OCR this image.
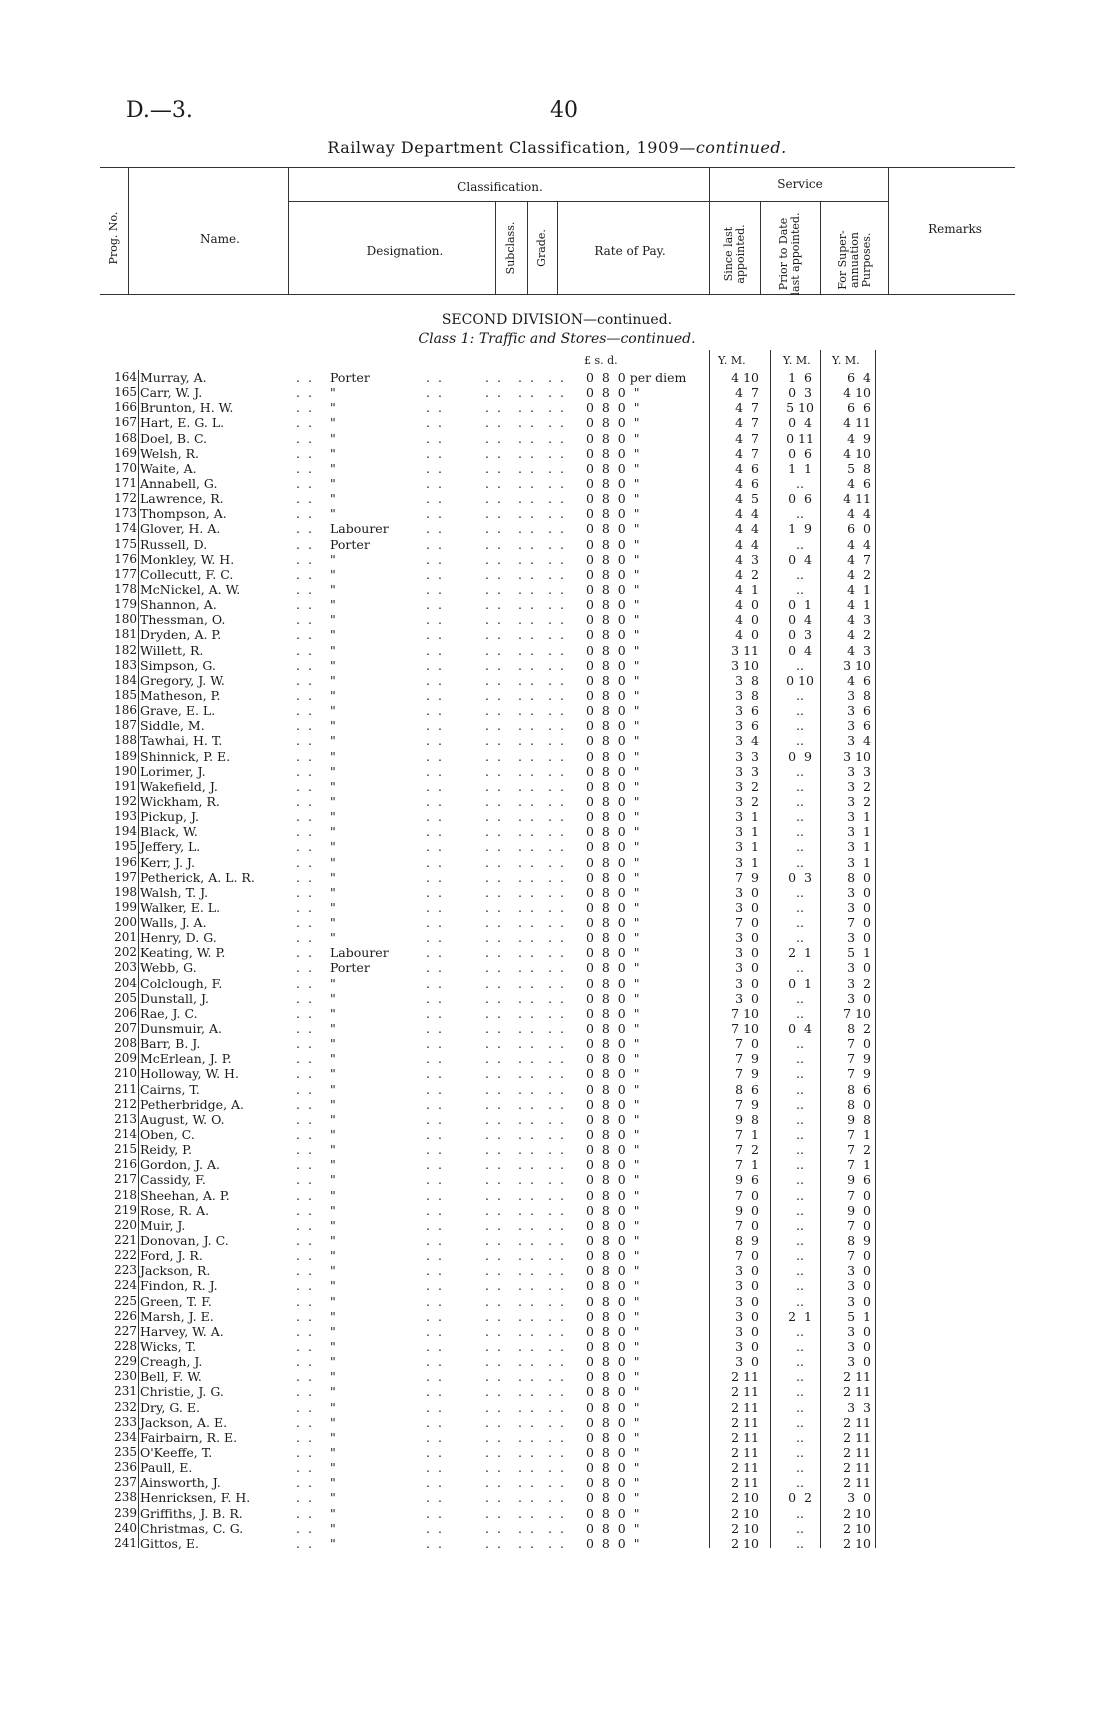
D.—3.	40
Railway Department Classification, 1909—continued.
Prog. No.	Name.
Classification.
Designation.	Subclass. Grade.	Rate of Pay.
Service
Since last appointed.	Prior to Date last appointed.	For Super-annuation Purposes.
Remarks
SECOND DIVISION—continued.
Class 1: Traffic and Stores—continued.
£ s. d.	Y. M.	Y. M. Y. M.
164 Murray, A.	Porter	0  8  0 per diem	4 10	1  6	6  4
. .	. .	. . . . . .
165 Carr, W. J.	"	0  8  0  "	4  7	0  3	4 10
. .	. .	. . . . . .
166 Brunton, H. W.	"	0  8  0  "	4  7	5 10	6  6
. .	. .	. . . . . .
167 Hart, E. G. L.	"	0  8  0  "	4  7	0  4	4 11
. .	. .	. . . . . .
168 Doel, B. C.	"	0  8  0  "	4  7	0 11	4  9
. .	. .	. . . . . .
169 Welsh, R.	"	0  8  0  "	4  7	0  6	4 10
. .	. .	. . . . . .
170 Waite, A.	"	0  8  0  "	4  6	1  1	5  8
. .	. .	. . . . . .
171 Annabell, G.	"	0  8  0  "	4  6	..	4  6
. .	. .	. . . . . .
172 Lawrence, R.	"	0  8  0  "	4  5	0  6	4 11
. .	. .	. . . . . .
173 Thompson, A.	"	0  8  0  "	4  4	..	4  4
. .	. .	. . . . . .
174 Glover, H. A.	Labourer	0  8  0  "	4  4	1  9	6  0
. .	. .	. . . . . .
175 Russell, D.	Porter	0  8  0  "	4  4	..	4  4
. .	. .	. . . . . .
176 Monkley, W. H.	"	0  8  0  "	4  3	0  4	4  7
. .	. .	. . . . . .
177 Collecutt, F. C.	"	0  8  0  "	4  2	..	4  2
. .	. .	. . . . . .
178 McNickel, A. W.	"	0  8  0  "	4  1	..	4  1
. .	. .	. . . . . .
179 Shannon, A.	"	0  8  0  "	4  0	0  1	4  1
. .	. .	. . . . . .
180 Thessman, O.	"	0  8  0  "	4  0	0  4	4  3
. .	. .	. . . . . .
181 Dryden, A. P.	"	0  8  0  "	4  0	0  3	4  2
. .	. .	. . . . . .
182 Willett, R.	"	0  8  0  "	3 11	0  4	4  3
. .	. .	. . . . . .
183 Simpson, G.	"	0  8  0  "	3 10	..	3 10
. .	. .	. . . . . .
184 Gregory, J. W.	"	0  8  0  "	3  8	0 10	4  6
. .	. .	. . . . . .
185 Matheson, P.	"	0  8  0  "	3  8	..	3  8
. .	. .	. . . . . .
186 Grave, E. L.	"	0  8  0  "	3  6	..	3  6
. .	. .	. . . . . .
187 Siddle, M.	"	0  8  0  "	3  6	..	3  6
. .	. .	. . . . . .
188 Tawhai, H. T.	"	0  8  0  "	3  4	..	3  4
. .	. .	. . . . . .
189 Shinnick, P. E.	"	0  8  0  "	3  3	0  9	3 10
. .	. .	. . . . . .
190 Lorimer, J.	"	0  8  0  "	3  3	..	3  3
. .	. .	. . . . . .
191 Wakefield, J.	"	0  8  0  "	3  2	..	3  2
. .	. .	. . . . . .
192 Wickham, R.	"	0  8  0  "	3  2	..	3  2
. .	. .	. . . . . .
193 Pickup, J.	"	0  8  0  "	3  1	..	3  1
. .	. .	. . . . . .
194 Black, W.	"	0  8  0  "	3  1	..	3  1
. .	. .	. . . . . .
195 Jeffery, L.	"	0  8  0  "	3  1	..	3  1
. .	. .	. . . . . .
196 Kerr, J. J.	"	0  8  0  "	3  1	..	3  1
. .	. .	. . . . . .
197 Petherick, A. L. R.	"	0  8  0  "	7  9	0  3	8  0
. .	. .	. . . . . .
198 Walsh, T. J.	"	0  8  0  "	3  0	..	3  0
. .	. .	. . . . . .
199 Walker, E. L.	"	0  8  0  "	3  0	..	3  0
. .	. .	. . . . . .
200 Walls, J. A.	"	0  8  0  "	7  0	..	7  0
. .	. .	. . . . . .
201 Henry, D. G.	"	0  8  0  "	3  0	..	3  0
. .	. .	. . . . . .
202 Keating, W. P.	Labourer	0  8  0  "	3  0	2  1	5  1
. .	. .	. . . . . .
203 Webb, G.	Porter	0  8  0  "	3  0	..	3  0
. .	. .	. . . . . .
204 Colclough, F.	"	0  8  0  "	3  0	0  1	3  2
. .	. .	. . . . . .
205 Dunstall, J.	"	0  8  0  "	3  0	..	3  0
. .	. .	. . . . . .
206 Rae, J. C.	"	0  8  0  "	7 10	..	7 10
. .	. .	. . . . . .
207 Dunsmuir, A.	"	0  8  0  "	7 10	0  4	8  2
. .	. .	. . . . . .
208 Barr, B. J.	"	0  8  0  "	7  0	..	7  0
. .	. .	. . . . . .
209 McErlean, J. P.	"	0  8  0  "	7  9	..	7  9
. .	. .	. . . . . .
210 Holloway, W. H.	"	0  8  0  "	7  9	..	7  9
. .	. .	. . . . . .
211 Cairns, T.	"	0  8  0  "	8  6	..	8  6
. .	. .	. . . . . .
212 Petherbridge, A.	"	0  8  0  "	7  9	..	8  0
. .	. .	. . . . . .
213 August, W. O.	"	0  8  0  "	9  8	..	9  8
. .	. .	. . . . . .
214 Oben, C.	"	0  8  0  "	7  1	..	7  1
. .	. .	. . . . . .
215 Reidy, P.	"	0  8  0  "	7  2	..	7  2
. .	. .	. . . . . .
216 Gordon, J. A.	"	0  8  0  "	7  1	..	7  1
. .	. .	. . . . . .
217 Cassidy, F.	"	0  8  0  "	9  6	..	9  6
. .	. .	. . . . . .
218 Sheehan, A. P.	"	0  8  0  "	7  0	..	7  0
. .	. .	. . . . . .
219 Rose, R. A.	"	0  8  0  "	9  0	..	9  0
. .	. .	. . . . . .
220 Muir, J.	"	0  8  0  "	7  0	..	7  0
. .	. .	. . . . . .
221 Donovan, J. C.	"	0  8  0  "	8  9	..	8  9
. .	. .	. . . . . .
222 Ford, J. R.	"	0  8  0  "	7  0	..	7  0
. .	. .	. . . . . .
223 Jackson, R.	"	0  8  0  "	3  0	..	3  0
. .	. .	. . . . . .
224 Findon, R. J.	"	0  8  0  "	3  0	..	3  0
. .	. .	. . . . . .
225 Green, T. F.	"	0  8  0  "	3  0	..	3  0
. .	. .	. . . . . .
226 Marsh, J. E.	"	0  8  0  "	3  0	2  1	5  1
. .	. .	. . . . . .
227 Harvey, W. A.	"	0  8  0  "	3  0	..	3  0
. .	. .	. . . . . .
228 Wicks, T.	"	0  8  0  "	3  0	..	3  0
. .	. .	. . . . . .
229 Creagh, J.	"	0  8  0  "	3  0	..	3  0
. .	. .	. . . . . .
230 Bell, F. W.	"	0  8  0  "	2 11	..	2 11
. .	. .	. . . . . .
231 Christie, J. G.	"	0  8  0  "	2 11	..	2 11
. .	. .	. . . . . .
232 Dry, G. E.	"	0  8  0  "	2 11	..	3  3
. .	. .	. . . . . .
233 Jackson, A. E.	"	0  8  0  "	2 11	..	2 11
. .	. .	. . . . . .
234 Fairbairn, R. E.	"	0  8  0  "	2 11	..	2 11
. .	. .	. . . . . .
235 O'Keeffe, T.	"	0  8  0  "	2 11	..	2 11
. .	. .	. . . . . .
236 Paull, E.	"	0  8  0  "	2 11	..	2 11
. .	. .	. . . . . .
237 Ainsworth, J.	"	0  8  0  "	2 11	..	2 11
. .	. .	. . . . . .
238 Henricksen, F. H.	"	0  8  0  "	2 10	0  2	3  0
. .	. .	. . . . . .
239 Griffiths, J. B. R.	"	0  8  0  "	2 10	..	2 10
. .	. .	. . . . . .
240 Christmas, C. G.	"	0  8  0  "	2 10	..	2 10
. .	. .	. . . . . .
241 Gittos, E.	"	0  8  0  "	2 10	..	2 10
. .	. .	. . . . . .
